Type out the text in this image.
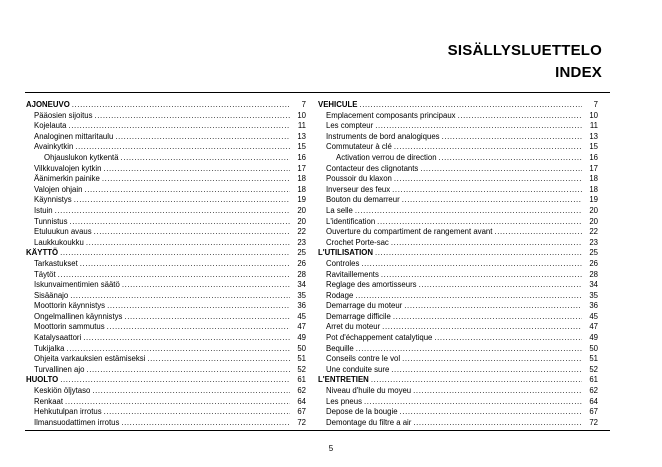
SISÄLLYSLUETTELO
INDEX
AJONEUVO .....	7
Pääosien sijoitus .....	10
Kojelauta .....	11
Analoginen mittaritaulu .....	13
Avainkytkin .....	15
Ohjauslukon kytkentä .....	16
Vilkkuvalojen kytkin .....	17
Äänimerkin painike .....	18
Valojen ohjain .....	18
Käynnistys .....	19
Istuin .....	20
Tunnistus .....	20
Etuluukun avaus .....	22
Laukkukoukku .....	23
KÄYTTÖ .....	25
Tarkastukset .....	26
Täytöt .....	28
Iskunvaimentimien säätö .....	34
Sisäänajo .....	35
Moottorin käynnistys .....	36
Ongelmallinen käynnistys .....	45
Moottorin sammutus .....	47
Katalysaattori .....	49
Tukijalka .....	50
Ohjeita varkauksien estämiseksi .....	51
Turvallinen ajo .....	52
HUOLTO .....	61
Keskiön öljytaso .....	62
Renkaat .....	64
Hehkutulpan irrotus .....	67
Ilmansuodattimen irrotus .....	72
VEHICULE .....	7
Emplacement composants principaux .....	10
Les compteur .....	11
Instruments de bord analogiques .....	13
Commutateur à clé .....	15
Activation verrou de direction .....	16
Contacteur des clignotants .....	17
Poussoir du klaxon .....	18
Inverseur des feux .....	18
Bouton du demarreur .....	19
La selle .....	20
L'identification .....	20
Ouverture du compartiment de rangement avant .....	22
Crochet Porte-sac .....	23
L'UTILISATION .....	25
Controles .....	26
Ravitaillements .....	28
Reglage des amortisseurs .....	34
Rodage .....	35
Demarrage du moteur .....	36
Demarrage difficile .....	45
Arret du moteur .....	47
Pot d'échappement catalytique .....	49
Bequille .....	50
Conseils contre le vol .....	51
Une conduite sure .....	52
L'ENTRETIEN .....	61
Niveau d'huile du moyeu .....	62
Les pneus .....	64
Depose de la bougie .....	67
Demontage du filtre a air .....	72
5
